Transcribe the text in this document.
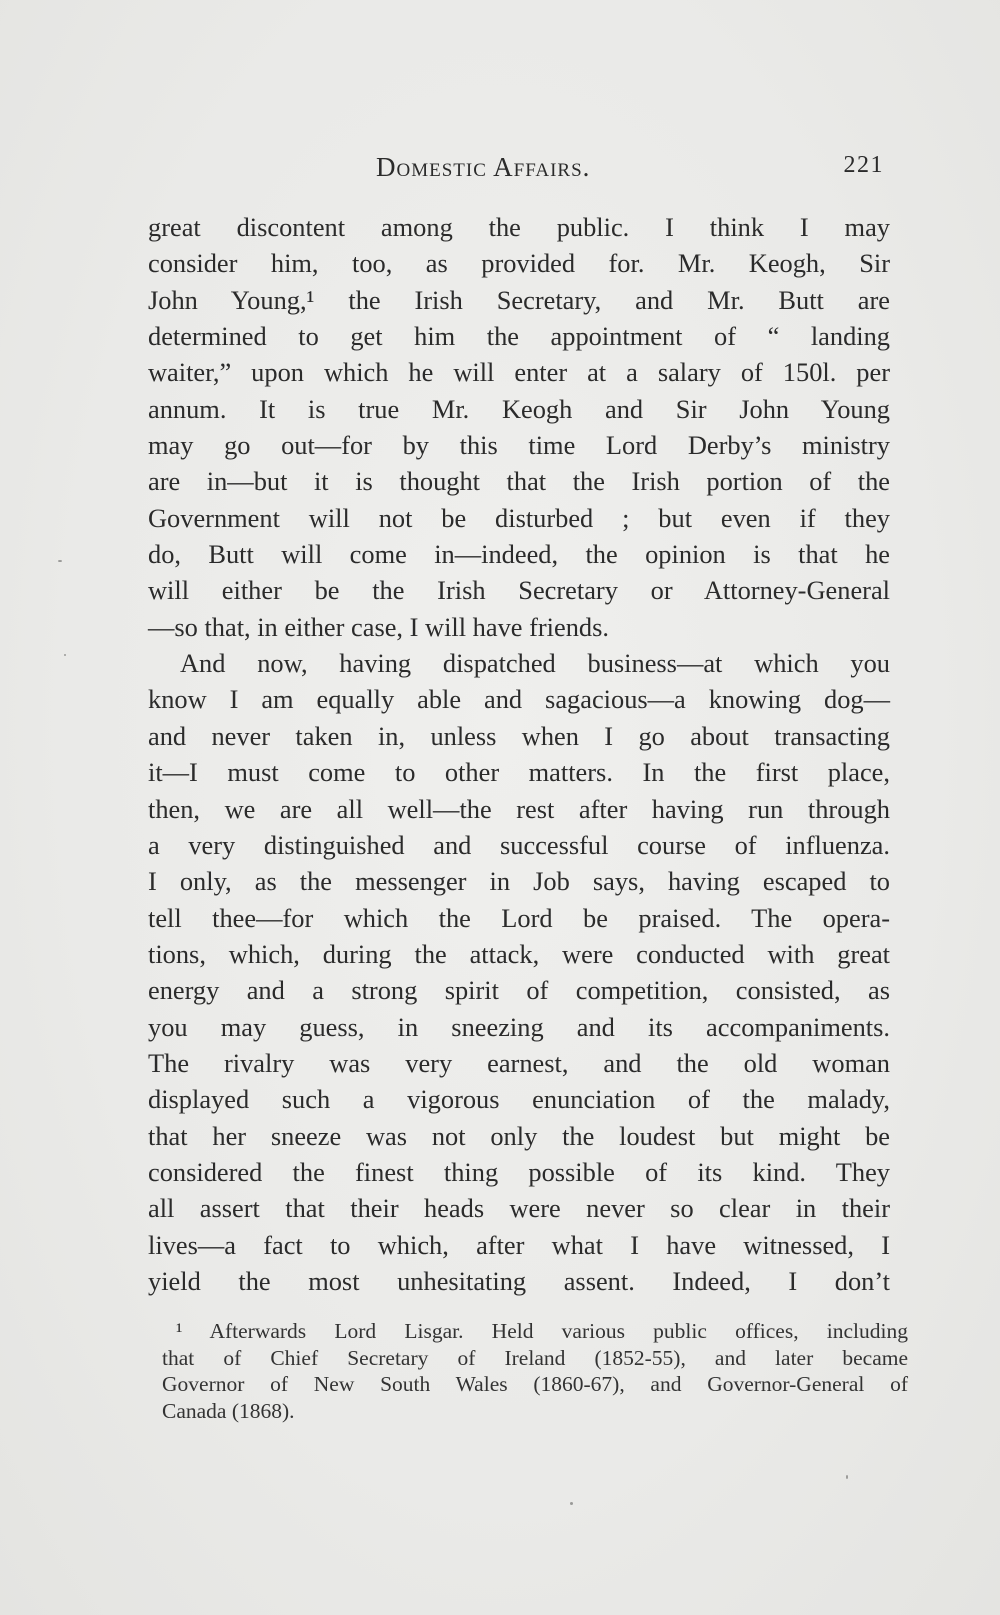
Domestic Affairs.	221
great discontent among the public. I think I may
consider him, too, as provided for. Mr. Keogh, Sir
John Young,¹ the Irish Secretary, and Mr. Butt are
determined to get him the appointment of “ landing
waiter,” upon which he will enter at a salary of 150l. per
annum. It is true Mr. Keogh and Sir John Young
may go out—for by this time Lord Derby’s ministry
are in—but it is thought that the Irish portion of the
Government will not be disturbed ; but even if they
do, Butt will come in—indeed, the opinion is that he
will either be the Irish Secretary or Attorney-General
—so that, in either case, I will have friends.
And now, having dispatched business—at which you
know I am equally able and sagacious—a knowing dog—
and never taken in, unless when I go about transacting
it—I must come to other matters. In the first place,
then, we are all well—the rest after having run through
a very distinguished and successful course of influenza.
I only, as the messenger in Job says, having escaped to
tell thee—for which the Lord be praised. The opera-
tions, which, during the attack, were conducted with great
energy and a strong spirit of competition, consisted, as
you may guess, in sneezing and its accompaniments.
The rivalry was very earnest, and the old woman
displayed such a vigorous enunciation of the malady,
that her sneeze was not only the loudest but might be
considered the finest thing possible of its kind. They
all assert that their heads were never so clear in their
lives—a fact to which, after what I have witnessed, I
yield the most unhesitating assent. Indeed, I don’t
¹ Afterwards Lord Lisgar. Held various public offices, including
that of Chief Secretary of Ireland (1852-55), and later became
Governor of New South Wales (1860-67), and Governor-General of
Canada (1868).
